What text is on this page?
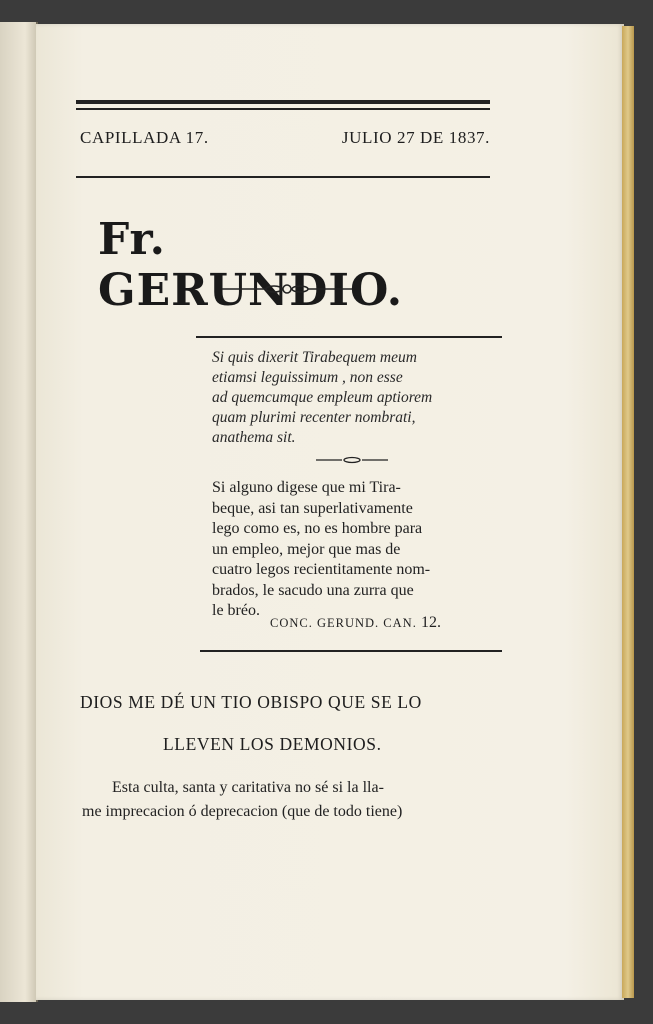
CAPILLADA 17.	JULIO 27 DE 1837.
Fr. GERUNDIO.
Si quis dixerit Tirabequem meum
etiamsi leguissimum , non esse
ad quemcumque empleum aptiorem
quam plurimi recenter nombrati,
anathema sit.
Si alguno digese que mi Tira-
beque, asi tan superlativamente
lego como es, no es hombre para
un empleo, mejor que mas de
cuatro legos recientitamente nom-
brados, le sacudo una zurra que
le bréo.
CONC. GERUND. CAN. 12.
DIOS ME DÉ UN TIO OBISPO QUE SE LO
LLEVEN LOS DEMONIOS.
Esta culta, santa y caritativa no sé si la lla-
me imprecacion ó deprecacion (que de todo tiene)
